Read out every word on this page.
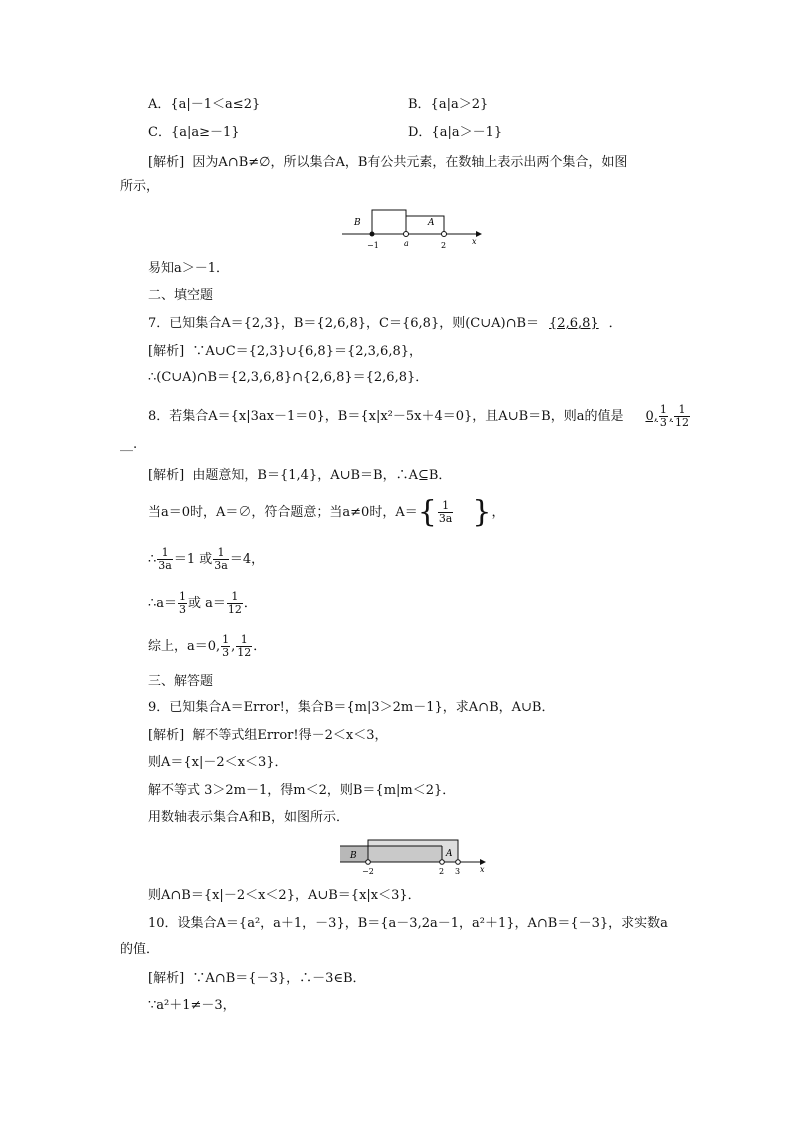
A．{a|－1＜a≤2}	B．{a|a＞2}
C．{a|a≥－1}	D．{a|a＞－1}
[解析] 因为A∩B≠∅，所以集合A，B有公共元素，在数轴上表示出两个集合，如图
所示，
B	A
−1	a	2	x
易知a＞－1．
二、填空题
7．已知集合A＝{2,3}，B＝{2,6,8}，C＝{6,8}，则(C∪A)∩B＝ {2,6,8} ．
[解析] ∵A∪C＝{2,3}∪{6,8}＝{2,3,6,8}，
∴(C∪A)∩B＝{2,3,6,8}∩{2,6,8}＝{2,6,8}．
8．若集合A＝{x|3ax－1＝0}，B＝{x|x²－5x＋4＝0}，且A∪B＝B，则a的值是 0, $\frac{1}{3}$ , $\frac{1}{12}$
__.
[解析] 由题意知，B＝{1,4}，A∪B＝B，∴A⊆B．
当a＝0时，A＝∅，符合题意；当a≠0时，$A=\{ \frac{1}{3a}$ }，
∴ $\frac{1}{3a} =1$ 或 $\frac{1}{3a} =4$，
∴a＝ $\frac{1}{3}$ 或 $a= \frac{1}{12}$ ．
综上，a＝0, $\frac{1}{3}$ , $\frac{1}{12}$ ．
三、解答题
9．已知集合A＝Error!，集合B＝{m|3＞2m－1}，求A∩B，A∪B．
[解析] 解不等式组Error!得－2＜x＜3，
则A＝{x|－2＜x＜3}．
解不等式 3＞2m－1，得m＜2，则B＝{m|m＜2}．
用数轴表示集合A和B，如图所示．
B	A
−2	2 3 x
则A∩B＝{x|－2＜x＜2}，A∪B＝{x|x＜3}．
10．设集合A＝{a²，a＋1，－3}，B＝{a－3,2a－1，a²＋1}，A∩B＝{－3}，求实数a
的值．
[解析] ∵A∩B＝{－3}，∴－3∈B．
∵a²＋1≠－3，
